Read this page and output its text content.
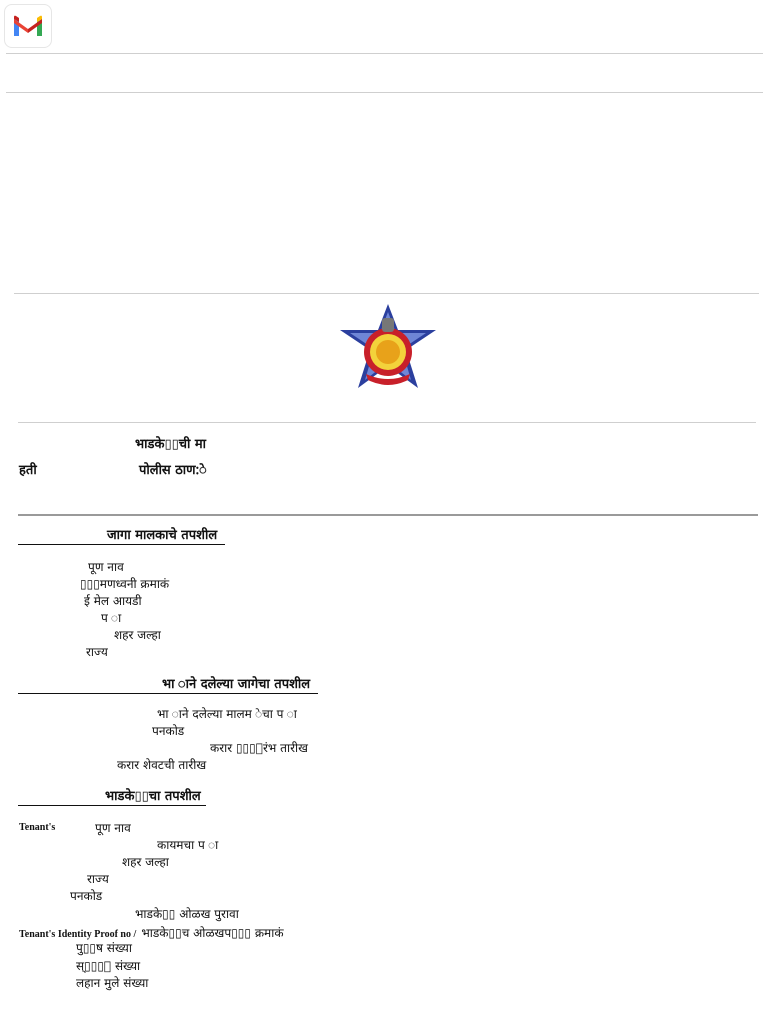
भाडके▯▯ची मा
हती	पोलीस ठाण:े
जागा मालकाचे तपशील
पूण नाव
▯▯▯मणध्वनी क्रमाकं
ई मेल आयडी
प ा
शहर जल्हा
राज्य
भा ाने दलेल्या जागेचा तपशील
भा ाने दलेल्या मालम ेचा प ा
पनकोड
करार ▯▯▯ारंभ तारीख
करार शेवटची तारीख
भाडके▯▯चा तपशील
Tenant's	पूण नाव
कायमचा प ा
शहर जल्हा
राज्य
पनकोड
भाडके▯▯ ओळख पुरावा
Tenant's Identity Proof no / भाडके▯▯च ओळखप▯▯▯ क्रमाकं
पु▯▯ष संख्या
स्▯▯▯ी संख्या
लहान मुले संख्या
